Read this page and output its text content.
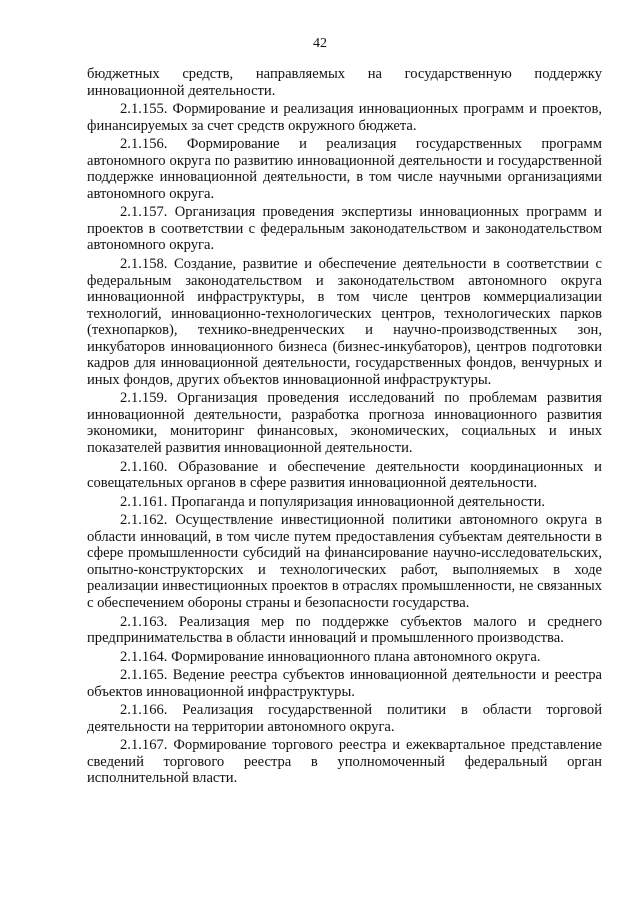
42

бюджетных средств, направляемых на государственную поддержку инновационной деятельности.

2.1.155. Формирование и реализация инновационных программ и проектов, финансируемых за счет средств окружного бюджета.

2.1.156. Формирование и реализация государственных программ автономного округа по развитию инновационной деятельности и государственной поддержке инновационной деятельности, в том числе научными организациями автономного округа.

2.1.157. Организация проведения экспертизы инновационных программ и проектов в соответствии с федеральным законодательством и законодательством автономного округа.

2.1.158. Создание, развитие и обеспечение деятельности в соответствии с федеральным законодательством и законодательством автономного округа инновационной инфраструктуры, в том числе центров коммерциализации технологий, инновационно-технологических центров, технологических парков (технопарков), технико-внедренческих и научно-производственных зон, инкубаторов инновационного бизнеса (бизнес-инкубаторов), центров подготовки кадров для инновационной деятельности, государственных фондов, венчурных и иных фондов, других объектов инновационной инфраструктуры.

2.1.159. Организация проведения исследований по проблемам развития инновационной деятельности, разработка прогноза инновационного развития экономики, мониторинг финансовых, экономических, социальных и иных показателей развития инновационной деятельности.

2.1.160. Образование и обеспечение деятельности координационных и совещательных органов в сфере развития инновационной деятельности.

2.1.161. Пропаганда и популяризация инновационной деятельности.

2.1.162. Осуществление инвестиционной политики автономного округа в области инноваций, в том числе путем предоставления субъектам деятельности в сфере промышленности субсидий на финансирование научно-исследовательских, опытно-конструкторских и технологических работ, выполняемых в ходе реализации инвестиционных проектов в отраслях промышленности, не связанных с обеспечением обороны страны и безопасности государства.

2.1.163. Реализация мер по поддержке субъектов малого и среднего предпринимательства в области инноваций и промышленного производства.

2.1.164. Формирование инновационного плана автономного округа.

2.1.165. Ведение реестра субъектов инновационной деятельности и реестра объектов инновационной инфраструктуры.

2.1.166. Реализация государственной политики в области торговой деятельности на территории автономного округа.

2.1.167. Формирование торгового реестра и ежеквартальное представление сведений торгового реестра в уполномоченный федеральный орган исполнительной власти.
